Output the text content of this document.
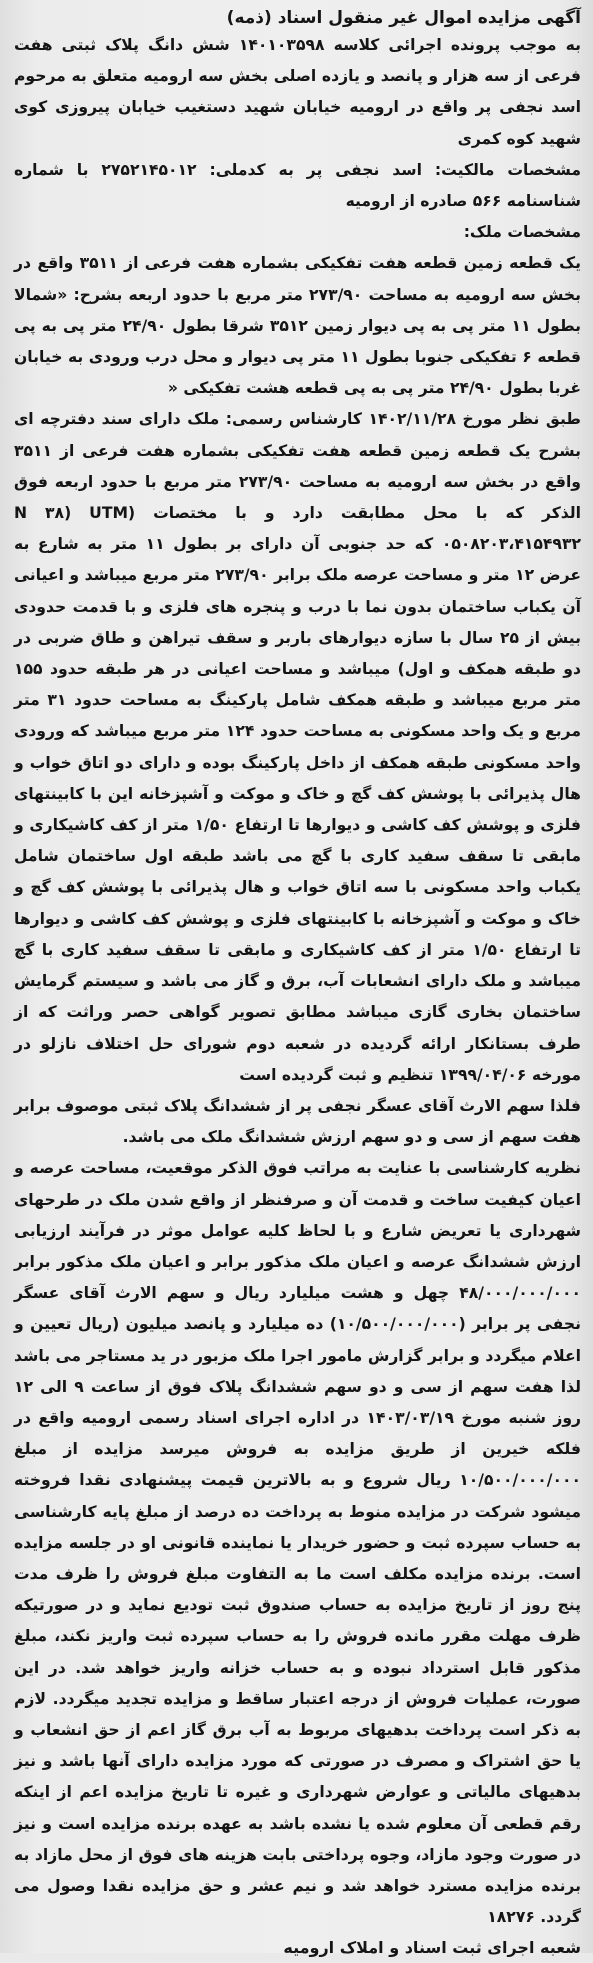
آگهی مزایده اموال غیر منقول اسناد (ذمه)

به موجب پرونده اجرائی کلاسه ۱۴۰۱۰۳۵۹۸ شش دانگ پلاک ثبتی هفت فرعی از سه هزار و پانصد و یازده اصلی بخش سه ارومیه متعلق به مرحوم اسد نجفی پر واقع در ارومیه خیابان شهید دستغیب خیابان پیروزی کوی شهید کوه کمری

مشخصات مالکیت: اسد نجفی پر به کدملی: ۲۷۵۲۱۴۵۰۱۲ با شماره شناسنامه ۵۶۶ صادره از ارومیه

مشخصات ملک:

یک قطعه زمین قطعه هفت تفکیکی بشماره هفت فرعی از ۳۵۱۱ واقع در بخش سه ارومیه به مساحت ۲۷۳/۹۰ متر مربع با حدود اربعه بشرح: «شمالا بطول ۱۱ متر پی به پی دیوار زمین ۳۵۱۲ شرقا بطول ۲۴/۹۰ متر پی به پی قطعه ۶ تفکیکی جنوبا بطول ۱۱ متر پی دیوار و محل درب ورودی به خیابان غربا بطول ۲۴/۹۰ متر پی به پی قطعه هشت تفکیکی «

طبق نظر مورخ ۱۴۰۲/۱۱/۲۸ کارشناس رسمی: ملک دارای سند دفترچه ای بشرح یک قطعه زمین قطعه هفت تفکیکی بشماره هفت فرعی از ۳۵۱۱ واقع در بخش سه ارومیه به مساحت ۲۷۳/۹۰ متر مربع با حدود اربعه فوق الذکر که با محل مطابقت دارد و با مختصات (UTM (N ۳۸ ۰۵۰۸۲۰۳،۴۱۵۴۹۳۲ که حد جنوبی آن دارای بر بطول ۱۱ متر به شارع به عرض ۱۲ متر و مساحت عرصه ملک برابر ۲۷۳/۹۰ متر مربع میباشد و اعیانی آن یکباب ساختمان بدون نما با درب و پنجره های فلزی و با قدمت حدودی بیش از ۲۵ سال با سازه دیوارهای باربر و سقف تیراهن و طاق ضربی در دو طبقه همکف و اول) میباشد و مساحت اعیانی در هر طبقه حدود ۱۵۵ متر مربع میباشد و طبقه همکف شامل پارکینگ به مساحت حدود ۳۱ متر مربع و یک واحد مسکونی به مساحت حدود ۱۲۴ متر مربع میباشد که ورودی واحد مسکونی طبقه همکف از داخل پارکینگ بوده و دارای دو اتاق خواب و هال پذیرائی با پوشش کف گچ و خاک و موکت و آشپزخانه این با کابینتهای فلزی و پوشش کف کاشی و دیوارها تا ارتفاع ۱/۵۰ متر از کف کاشیکاری و مابقی تا سقف سفید کاری با گچ می باشد طبقه اول ساختمان شامل یکباب واحد مسکونی با سه اتاق خواب و هال پذیرائی با پوشش کف گچ و خاک و موکت و آشپزخانه با کابینتهای فلزی و پوشش کف کاشی و دیوارها تا ارتفاع ۱/۵۰ متر از کف کاشیکاری و مابقی تا سقف سفید کاری با گچ میباشد و ملک دارای انشعابات آب، برق و گاز می باشد و سیستم گرمایش ساختمان بخاری گازی میباشد مطابق تصویر گواهی حصر وراثت که از طرف بستانکار ارائه گردیده در شعبه دوم شورای حل اختلاف نازلو در مورخه ۱۳۹۹/۰۴/۰۶ تنظیم و ثبت گردیده است

فلذا سهم الارث آقای عسگر نجفی پر از ششدانگ پلاک ثبتی موصوف برابر هفت سهم از سی و دو سهم ارزش ششدانگ ملک می باشد.

نظریه کارشناسی با عنایت به مراتب فوق الذکر موقعیت، مساحت عرصه و اعیان کیفیت ساخت و قدمت آن و صرفنظر از واقع شدن ملک در طرحهای شهرداری یا تعریض شارع و با لحاظ کلیه عوامل موثر در فرآیند ارزیابی ارزش ششدانگ عرصه و اعیان ملک مذکور برابر و اعیان ملک مذکور برابر ۴۸/۰۰۰/۰۰۰/۰۰۰ چهل و هشت میلیارد ریال و سهم الارث آقای عسگر نجفی پر برابر (۱۰/۵۰۰/۰۰۰/۰۰۰) ده میلیارد و پانصد میلیون (ریال تعیین و اعلام میگردد و برابر گزارش مامور اجرا ملک مزبور در ید مستاجر می باشد لذا هفت سهم از سی و دو سهم ششدانگ پلاک فوق از ساعت ۹ الی ۱۲ روز شنبه مورخ ۱۴۰۳/۰۳/۱۹ در اداره اجرای اسناد رسمی ارومیه واقع در فلکه خیرین از طریق مزایده به فروش میرسد مزایده از مبلغ ۱۰/۵۰۰/۰۰۰/۰۰۰ ریال شروع و به بالاترین قیمت پیشنهادی نقدا فروخته میشود شرکت در مزایده منوط به پرداخت ده درصد از مبلغ پایه کارشناسی به حساب سپرده ثبت و حضور خریدار یا نماینده قانونی او در جلسه مزایده است. برنده مزایده مکلف است ما به التفاوت مبلغ فروش را ظرف مدت پنج روز از تاریخ مزایده به حساب صندوق ثبت تودیع نماید و در صورتیکه ظرف مهلت مقرر مانده فروش را به حساب سپرده ثبت واریز نکند، مبلغ مذکور قابل استرداد نبوده و به حساب خزانه واریز خواهد شد. در این صورت، عملیات فروش از درجه اعتبار ساقط و مزایده تجدید میگردد. لازم به ذکر است پرداخت بدهیهای مربوط به آب برق گاز اعم از حق انشعاب و یا حق اشتراک و مصرف در صورتی که مورد مزایده دارای آنها باشد و نیز بدهیهای مالیاتی و عوارض شهرداری و غیره تا تاریخ مزایده اعم از اینکه رقم قطعی آن معلوم شده یا نشده باشد به عهده برنده مزایده است و نیز در صورت وجود مازاد، وجوه پرداختی بابت هزینه های فوق از محل مازاد به برنده مزایده مسترد خواهد شد و نیم عشر و حق مزایده نقدا وصول می گردد. ۱۸۲۷۶

شعبه اجرای ثبت اسناد و املاک ارومیه
